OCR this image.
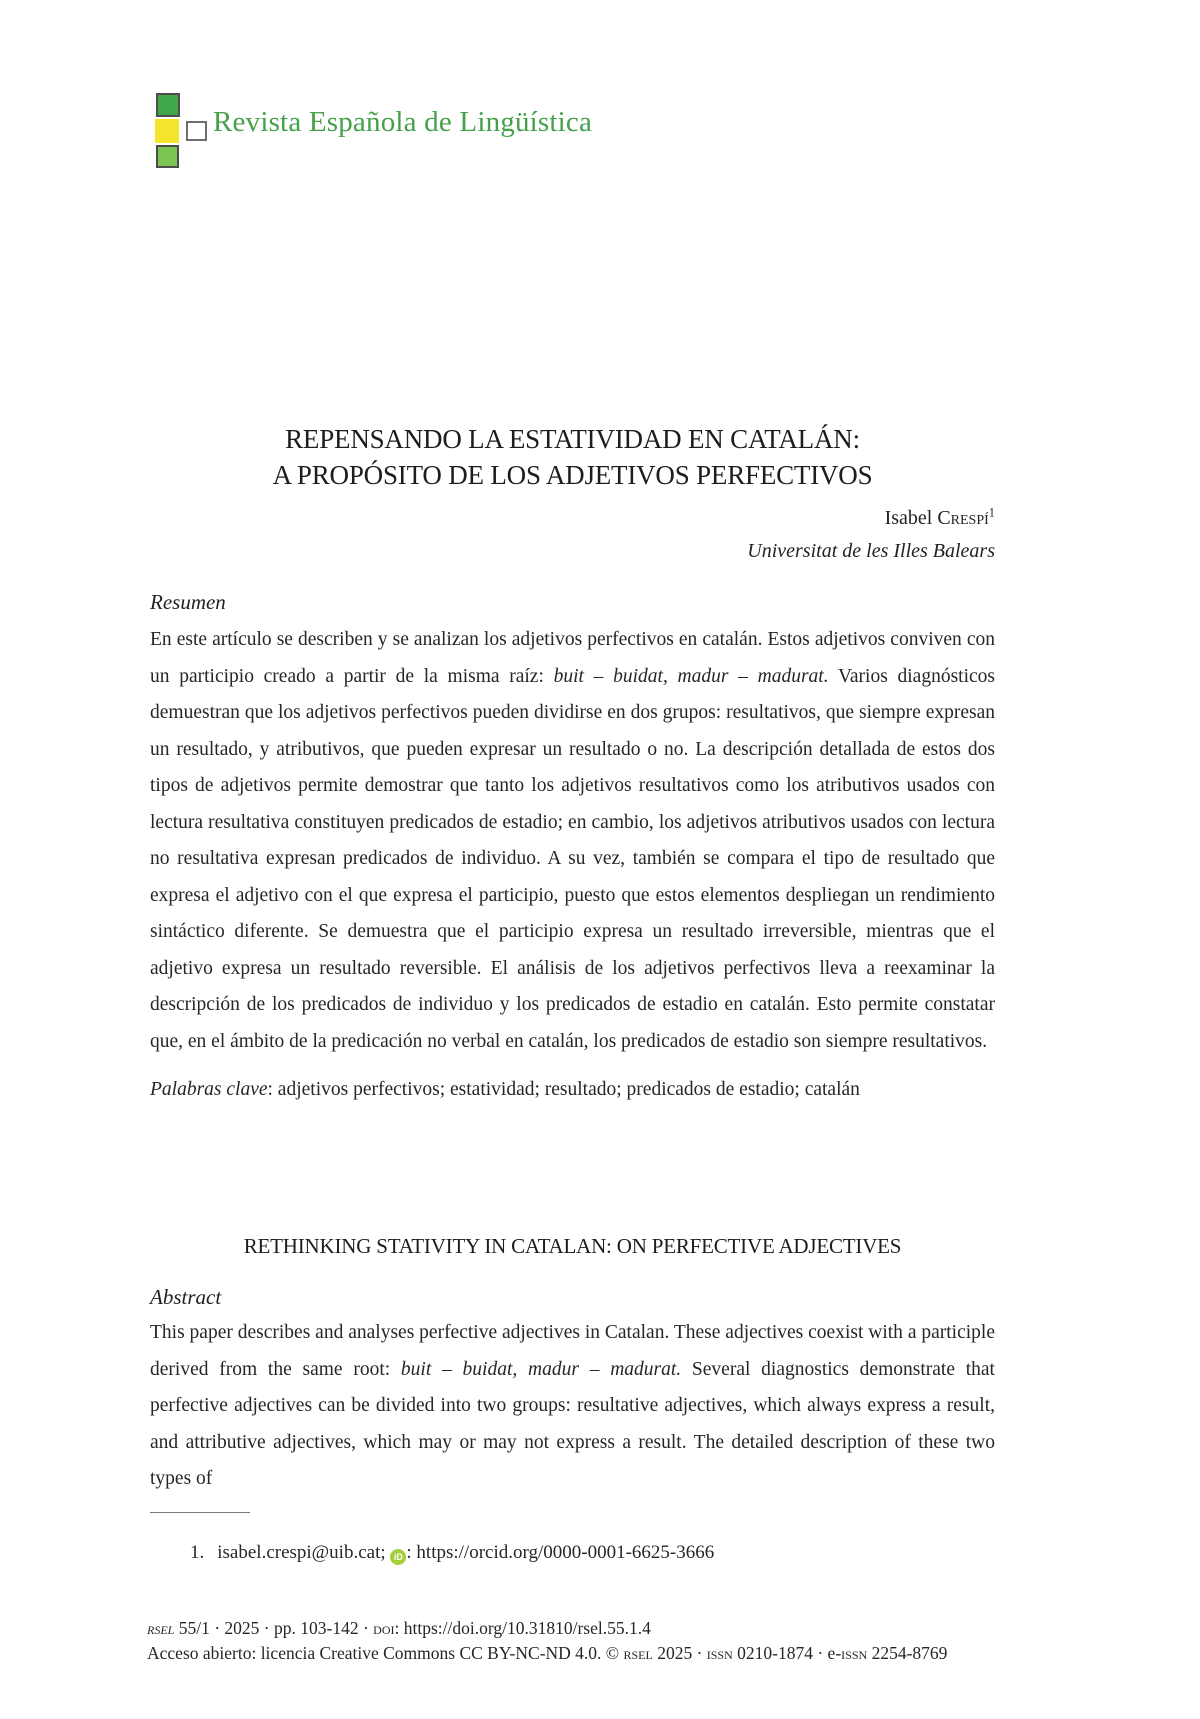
Revista Española de Lingüística
REPENSANDO LA ESTATIVIDAD EN CATALÁN:
A PROPÓSITO DE LOS ADJETIVOS PERFECTIVOS
Isabel Crespí$^1$
Universitat de les Illes Balears
Resumen

En este artículo se describen y se analizan los adjetivos perfectivos en catalán. Estos adjetivos conviven con un participio creado a partir de la misma raíz: buit – buidat, madur – madurat. Varios diagnósticos demuestran que los adjetivos perfectivos pueden dividirse en dos grupos: resultativos, que siempre expresan un resultado, y atributivos, que pueden expresar un resultado o no. La descripción detallada de estos dos tipos de adjetivos permite demostrar que tanto los adjetivos resultativos como los atributivos usados con lectura resultativa constituyen predicados de estadio; en cambio, los adjetivos atributivos usados con lectura no resultativa expresan predicados de individuo. A su vez, también se compara el tipo de resultado que expresa el adjetivo con el que expresa el participio, puesto que estos elementos despliegan un rendimiento sintáctico diferente. Se demuestra que el participio expresa un resultado irreversible, mientras que el adjetivo expresa un resultado reversible. El análisis de los adjetivos perfectivos lleva a reexaminar la descripción de los predicados de individuo y los predicados de estadio en catalán. Esto permite constatar que, en el ámbito de la predicación no verbal en catalán, los predicados de estadio son siempre resultativos.

Palabras clave: adjetivos perfectivos; estatividad; resultado; predicados de estadio; catalán

RETHINKING STATIVITY IN CATALAN: ON PERFECTIVE ADJECTIVES
Abstract

This paper describes and analyses perfective adjectives in Catalan. These adjectives coexist with a participle derived from the same root: buit – buidat, madur – madurat. Several diagnostics demonstrate that perfective adjectives can be divided into two groups: resultative adjectives, which always express a result, and attributive adjectives, which may or may not express a result. The detailed description of these two types of

1. isabel.crespi@uib.cat; iD : https://orcid.org/0000-0001-6625-3666
rsel 55/1 · 2025 · pp. 103-142 · doi: https://doi.org/10.31810/rsel.55.1.4
Acceso abierto: licencia Creative Commons CC BY-NC-ND 4.0. © rsel 2025 · issn 0210-1874 · e-issn 2254-8769
